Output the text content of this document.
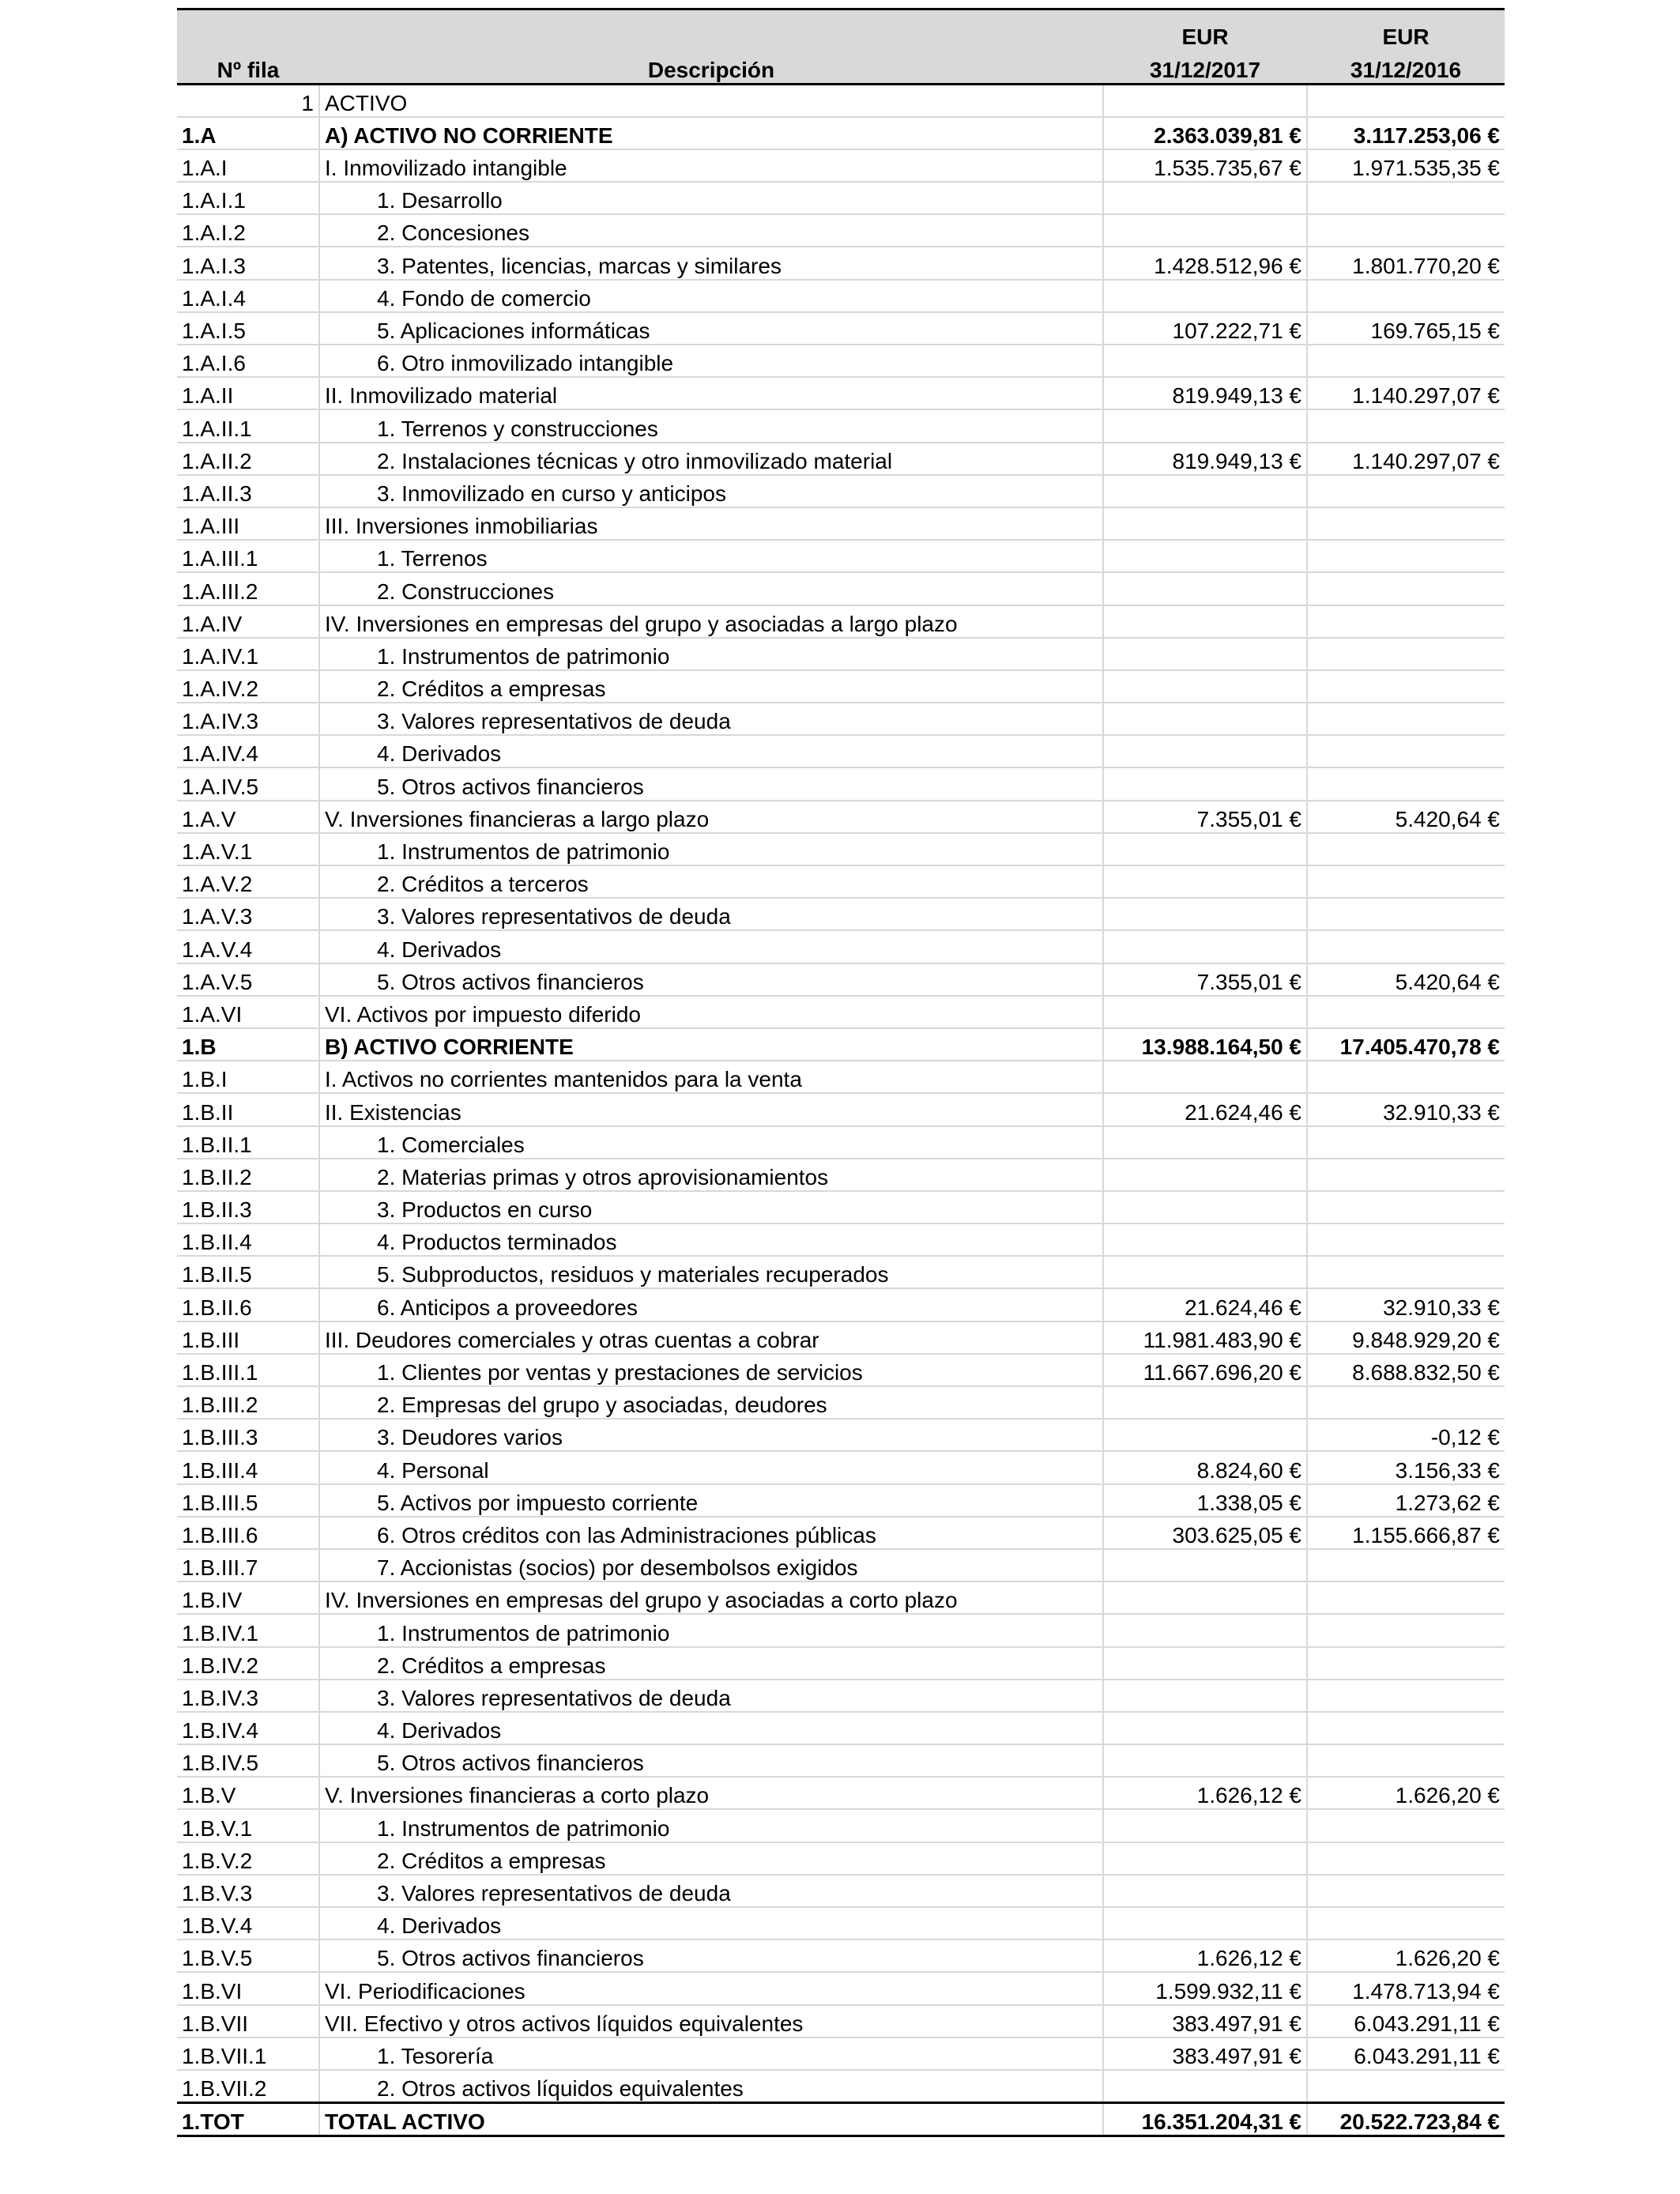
		EUR	EUR
Nº fila	Descripción	31/12/2017	31/12/2016
1	ACTIVO		
1.A	A) ACTIVO NO CORRIENTE	2.363.039,81 €	3.117.253,06 €
1.A.I	I. Inmovilizado intangible	1.535.735,67 €	1.971.535,35 €
1.A.I.1	1. Desarrollo		
1.A.I.2	2. Concesiones		
1.A.I.3	3. Patentes, licencias, marcas y similares	1.428.512,96 €	1.801.770,20 €
1.A.I.4	4. Fondo de comercio		
1.A.I.5	5. Aplicaciones informáticas	107.222,71 €	169.765,15 €
1.A.I.6	6. Otro inmovilizado intangible		
1.A.II	II. Inmovilizado material	819.949,13 €	1.140.297,07 €
1.A.II.1	1. Terrenos y construcciones		
1.A.II.2	2. Instalaciones técnicas y otro inmovilizado material	819.949,13 €	1.140.297,07 €
1.A.II.3	3. Inmovilizado en curso y anticipos		
1.A.III	III. Inversiones inmobiliarias		
1.A.III.1	1. Terrenos		
1.A.III.2	2. Construcciones		
1.A.IV	IV. Inversiones en empresas del grupo y asociadas a largo plazo		
1.A.IV.1	1. Instrumentos de patrimonio		
1.A.IV.2	2. Créditos a empresas		
1.A.IV.3	3. Valores representativos de deuda		
1.A.IV.4	4. Derivados		
1.A.IV.5	5. Otros activos financieros		
1.A.V	V. Inversiones financieras a largo plazo	7.355,01 €	5.420,64 €
1.A.V.1	1. Instrumentos de patrimonio		
1.A.V.2	2. Créditos a terceros		
1.A.V.3	3. Valores representativos de deuda		
1.A.V.4	4. Derivados		
1.A.V.5	5. Otros activos financieros	7.355,01 €	5.420,64 €
1.A.VI	VI. Activos por impuesto diferido		
1.B	B) ACTIVO CORRIENTE	13.988.164,50 €	17.405.470,78 €
1.B.I	I. Activos no corrientes mantenidos para la venta		
1.B.II	II. Existencias	21.624,46 €	32.910,33 €
1.B.II.1	1. Comerciales		
1.B.II.2	2. Materias primas y otros aprovisionamientos		
1.B.II.3	3. Productos en curso		
1.B.II.4	4. Productos terminados		
1.B.II.5	5. Subproductos, residuos y materiales recuperados		
1.B.II.6	6. Anticipos a proveedores	21.624,46 €	32.910,33 €
1.B.III	III. Deudores comerciales y otras cuentas a cobrar	11.981.483,90 €	9.848.929,20 €
1.B.III.1	1. Clientes por ventas y prestaciones de servicios	11.667.696,20 €	8.688.832,50 €
1.B.III.2	2. Empresas del grupo y asociadas, deudores		
1.B.III.3	3. Deudores varios		-0,12 €
1.B.III.4	4. Personal	8.824,60 €	3.156,33 €
1.B.III.5	5. Activos por impuesto corriente	1.338,05 €	1.273,62 €
1.B.III.6	6. Otros créditos con las Administraciones públicas	303.625,05 €	1.155.666,87 €
1.B.III.7	7. Accionistas (socios) por desembolsos exigidos		
1.B.IV	IV. Inversiones en empresas del grupo y asociadas a corto plazo		
1.B.IV.1	1. Instrumentos de patrimonio		
1.B.IV.2	2. Créditos a empresas		
1.B.IV.3	3. Valores representativos de deuda		
1.B.IV.4	4. Derivados		
1.B.IV.5	5. Otros activos financieros		
1.B.V	V. Inversiones financieras a corto plazo	1.626,12 €	1.626,20 €
1.B.V.1	1. Instrumentos de patrimonio		
1.B.V.2	2. Créditos a empresas		
1.B.V.3	3. Valores representativos de deuda		
1.B.V.4	4. Derivados		
1.B.V.5	5. Otros activos financieros	1.626,12 €	1.626,20 €
1.B.VI	VI. Periodificaciones	1.599.932,11 €	1.478.713,94 €
1.B.VII	VII. Efectivo y otros activos líquidos equivalentes	383.497,91 €	6.043.291,11 €
1.B.VII.1	1. Tesorería	383.497,91 €	6.043.291,11 €
1.B.VII.2	2. Otros activos líquidos equivalentes		
1.TOT	TOTAL ACTIVO	16.351.204,31 €	20.522.723,84 €
